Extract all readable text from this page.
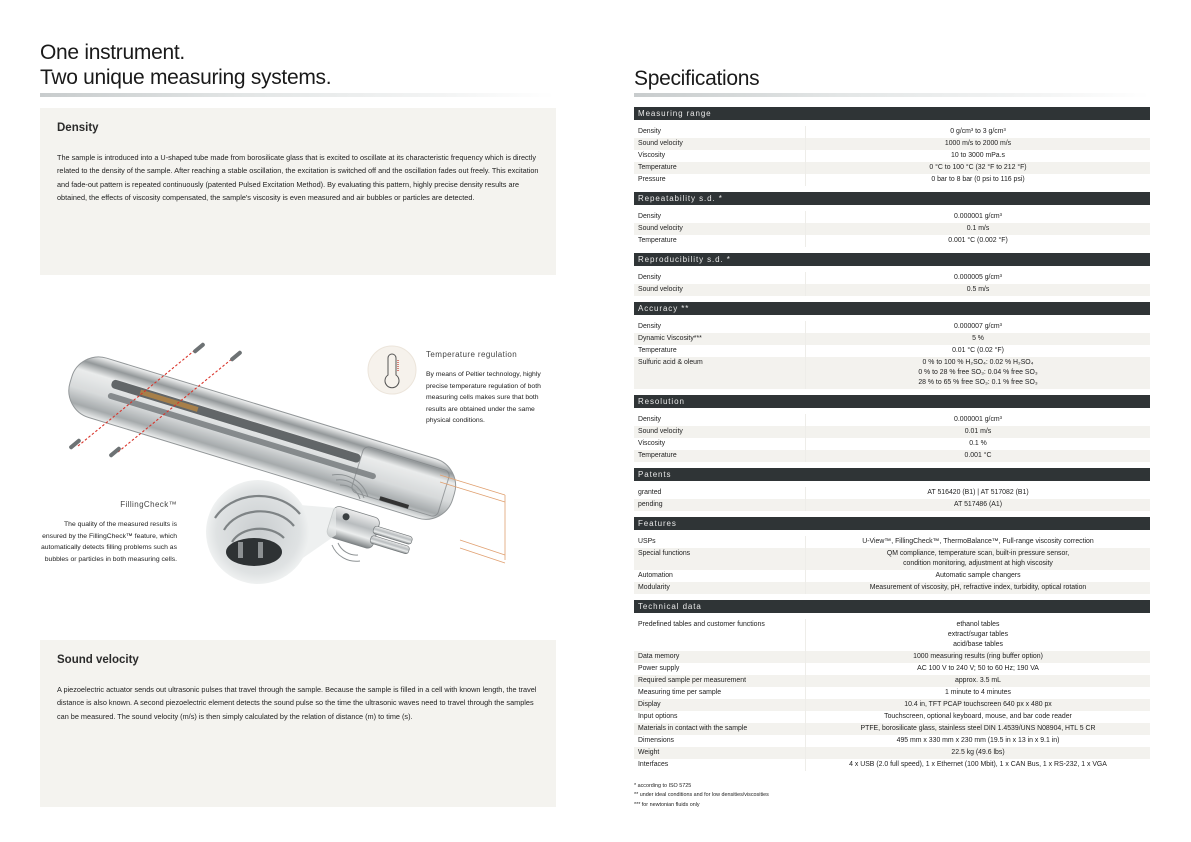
One instrument.
Two unique measuring systems.
Density
The sample is introduced into a U-shaped tube made from borosilicate glass that is excited to oscillate at its characteristic frequency which is directly related to the density of the sample. After reaching a stable oscillation, the excitation is switched off and the oscillation fades out freely. This excitation and fade-out pattern is repeated continuously (patented Pulsed Excitation Method). By evaluating this pattern, highly precise density results are obtained, the effects of viscosity compensated, the sample's viscosity is even measured and air bubbles or particles are detected.
Temperature regulation
By means of Peltier technology, highly precise temperature regulation of both measuring cells makes sure that both results are obtained under the same physical conditions.
FillingCheck™
The quality of the measured results is ensured by the FillingCheck™ feature, which automatically detects filling problems such as bubbles or particles in both measuring cells.
Sound velocity
A piezoelectric actuator sends out ultrasonic pulses that travel through the sample. Because the sample is filled in a cell with known length, the travel distance is also known. A second piezoelectric element detects the sound pulse so the time the ultrasonic waves need to travel through the samples can be measured. The sound velocity (m/s) is then simply calculated by the relation of distance (m) to time (s).
Specifications
Measuring range
Density	0 g/cm³ to 3 g/cm³
Sound velocity	1000 m/s to 2000 m/s
Viscosity	10 to 3000 mPa.s
Temperature	0 °C to 100 °C (32 °F to 212 °F)
Pressure	0 bar to 8 bar (0 psi to 116 psi)
Repeatability s.d. *
Density	0.000001 g/cm³
Sound velocity	0.1 m/s
Temperature	0.001 °C (0.002 °F)
Reproducibility s.d. *
Density	0.000005 g/cm³
Sound velocity	0.5 m/s
Accuracy **
Density	0.000007 g/cm³
Dynamic Viscosity***	5 %
Temperature	0.01 °C (0.02 °F)
Sulfuric acid & oleum	0 % to 100 % H₂SO₄: 0.02 % H₂SO₄
0 % to 28 % free SO₃: 0.04 % free SO₃
28 % to 65 % free SO₃: 0.1 % free SO₃
Resolution
Density	0.000001 g/cm³
Sound velocity	0.01 m/s
Viscosity	0.1 %
Temperature	0.001 °C
Patents
granted	AT 516420 (B1) | AT 517082 (B1)
pending	AT 517486 (A1)
Features
USPs	U-View™, FillingCheck™, ThermoBalance™, Full-range viscosity correction
Special functions	QM compliance, temperature scan, built-in pressure sensor,
condition monitoring, adjustment at high viscosity
Automation	Automatic sample changers
Modularity	Measurement of viscosity, pH, refractive index, turbidity, optical rotation
Technical data
Predefined tables and customer functions	ethanol tables
extract/sugar tables
acid/base tables
Data memory	1000 measuring results (ring buffer option)
Power supply	AC 100 V to 240 V; 50 to 60 Hz; 190 VA
Required sample per measurement	approx. 3.5 mL
Measuring time per sample	1 minute to 4 minutes
Display	10.4 in, TFT PCAP touchscreen 640 px x 480 px
Input options	Touchscreen, optional keyboard, mouse, and bar code reader
Materials in contact with the sample	PTFE, borosilicate glass, stainless steel DIN 1.4539/UNS N08904, HTL 5 CR
Dimensions	495 mm x 330 mm x 230 mm (19.5 in x 13 in x 9.1 in)
Weight	22.5 kg (49.6 lbs)
Interfaces	4 x USB (2.0 full speed), 1 x Ethernet (100 Mbit), 1 x CAN Bus, 1 x RS-232, 1 x VGA
* according to ISO 5725
** under ideal conditions and for low densities/viscosities
*** for newtonian fluids only
